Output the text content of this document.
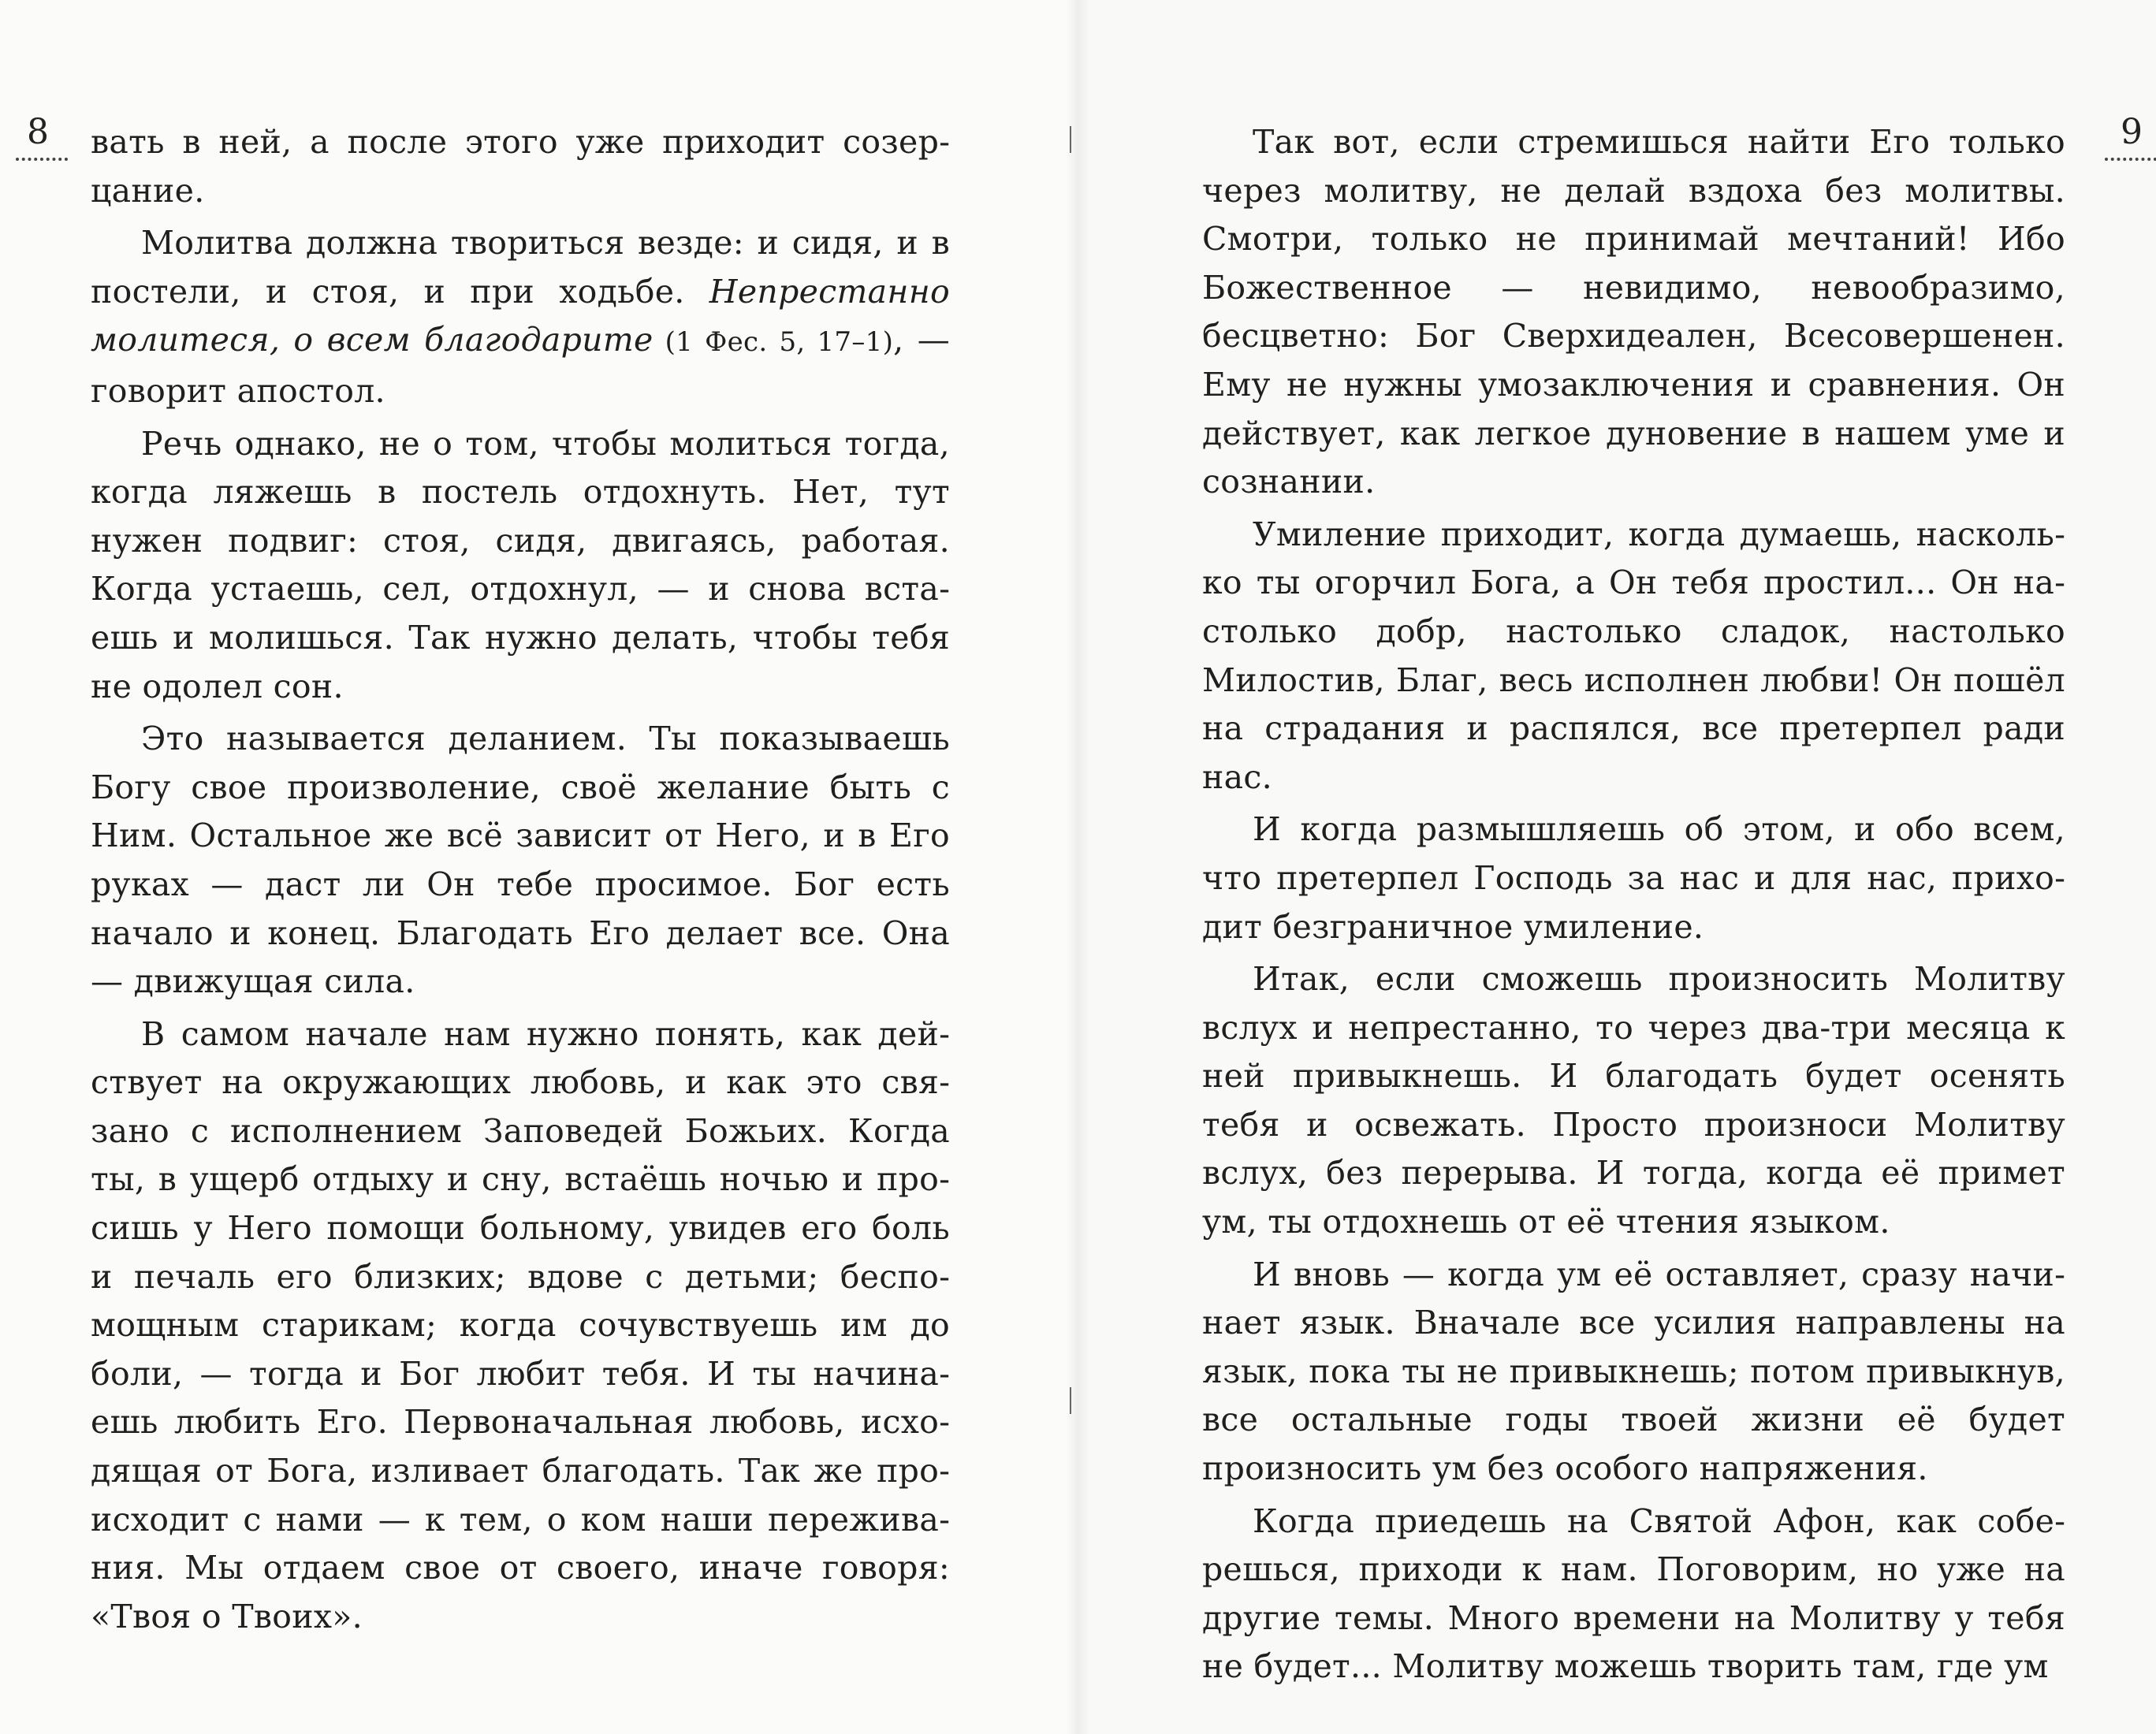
8 вать в ней, а после этого уже приходит созерцание.

Молитва должна твориться везде: и сидя, и в постели, и стоя, и при ходьбе. Непрестанно молитеся, о всем благодарите (1 Фес. 5, 17–1), — говорит апостол.

Речь однако, не о том, чтобы молиться тогда, когда ляжешь в постель отдохнуть. Нет, тут нужен подвиг: стоя, сидя, двигаясь, работая. Когда устаешь, сел, отдохнул, — и снова встаешь и молишься. Так нужно делать, чтобы тебя не одолел сон.

Это называется деланием. Ты показываешь Богу свое произволение, своё желание быть с Ним. Остальное же всё зависит от Него, и в Его руках — даст ли Он тебе просимое. Бог есть начало и конец. Благодать Его делает все. Она — движущая сила.

В самом начале нам нужно понять, как действует на окружающих любовь, и как это связано с исполнением Заповедей Божьих. Когда ты, в ущерб отдыху и сну, встаёшь ночью и просишь у Него помощи больному, увидев его боль и печаль его близких; вдове с детьми; беспомощным старикам; когда сочувствуешь им до боли, — тогда и Бог любит тебя. И ты начинаешь любить Его. Первоначальная любовь, исходящая от Бога, изливает благодать. Так же происходит с нами — к тем, о ком наши переживания. Мы отдаем свое от своего, иначе говоря: «Твоя о Твоих».

Так вот, если стремишься найти Его только через молитву, не делай вздоха без молитвы. Смотри, только не принимай мечтаний! Ибо Божественное — невидимо, невообразимо, бесцветно: Бог Сверхидеален, Всесовершенен. Ему не нужны умозаключения и сравнения. Он действует, как легкое дуновение в нашем уме и сознании.

Умиление приходит, когда думаешь, насколько ты огорчил Бога, а Он тебя простил... Он настолько добр, настолько сладок, настолько Милостив, Благ, весь исполнен любви! Он пошёл на страдания и распялся, все претерпел ради нас.

И когда размышляешь об этом, и обо всем, что претерпел Господь за нас и для нас, приходит безграничное умиление.

Итак, если сможешь произносить Молитву вслух и непрестанно, то через два-три месяца к ней привыкнешь. И благодать будет осенять тебя и освежать. Просто произноси Молитву вслух, без перерыва. И тогда, когда её примет ум, ты отдохнешь от её чтения языком.

И вновь — когда ум её оставляет, сразу начинает язык. Вначале все усилия направлены на язык, пока ты не привыкнешь; потом привыкнув, все остальные годы твоей жизни её будет произносить ум без особого напряжения.

Когда приедешь на Святой Афон, как соберешься, приходи к нам. Поговорим, но уже на другие темы. Много времени на Молитву у тебя не будет... Молитву можешь творить там, где ум

9
